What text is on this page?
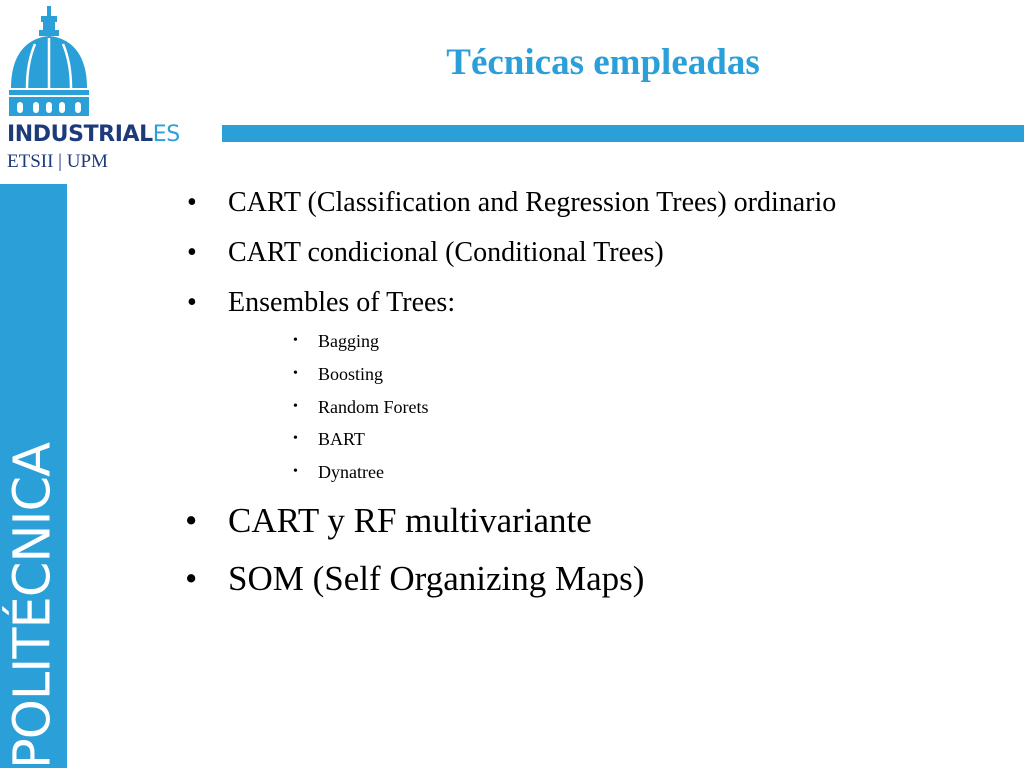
INDUSTRIALES
ETSII | UPM
POLITÉCNICA
Técnicas empleadas
• CART (Classification and Regression Trees) ordinario
• CART condicional (Conditional Trees)
• Ensembles of Trees:
• Bagging
• Boosting
• Random Forets
• BART
• Dynatree
• CART y RF multivariante
• SOM (Self Organizing Maps)
